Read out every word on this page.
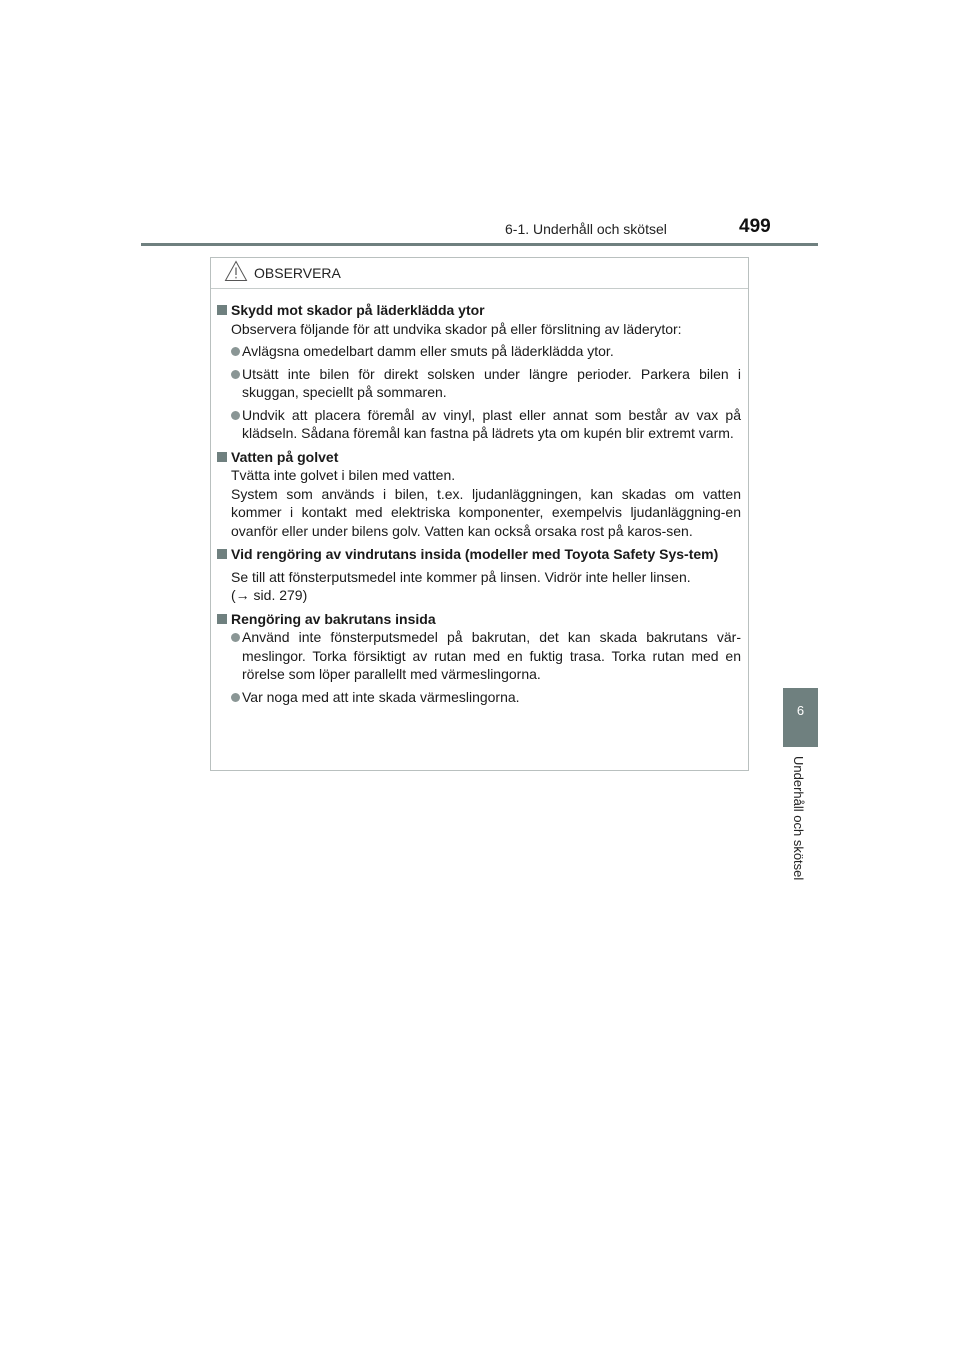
6-1. Underhåll och skötsel	499
6
Underhåll och skötsel
OBSERVERA
Skydd mot skador på läderklädda ytor
Observera följande för att undvika skador på eller förslitning av läderytor:
Avlägsna omedelbart damm eller smuts på läderklädda ytor.
Utsätt inte bilen för direkt solsken under längre perioder. Parkera bilen i skuggan, speciellt på sommaren.
Undvik att placera föremål av vinyl, plast eller annat som består av vax på klädseln. Sådana föremål kan fastna på lädrets yta om kupén blir extremt varm.
Vatten på golvet
Tvätta inte golvet i bilen med vatten.
System som används i bilen, t.ex. ljudanläggningen, kan skadas om vatten kommer i kontakt med elektriska komponenter, exempelvis ljudanläggning-en ovanför eller under bilens golv. Vatten kan också orsaka rost på karos-sen.
Vid rengöring av vindrutans insida (modeller med Toyota Safety Sys-tem)
Se till att fönsterputsmedel inte kommer på linsen. Vidrör inte heller linsen.
(→ sid. 279)
Rengöring av bakrutans insida
Använd inte fönsterputsmedel på bakrutan, det kan skada bakrutans vär-meslingor. Torka försiktigt av rutan med en fuktig trasa. Torka rutan med en rörelse som löper parallellt med värmeslingorna.
Var noga med att inte skada värmeslingorna.
